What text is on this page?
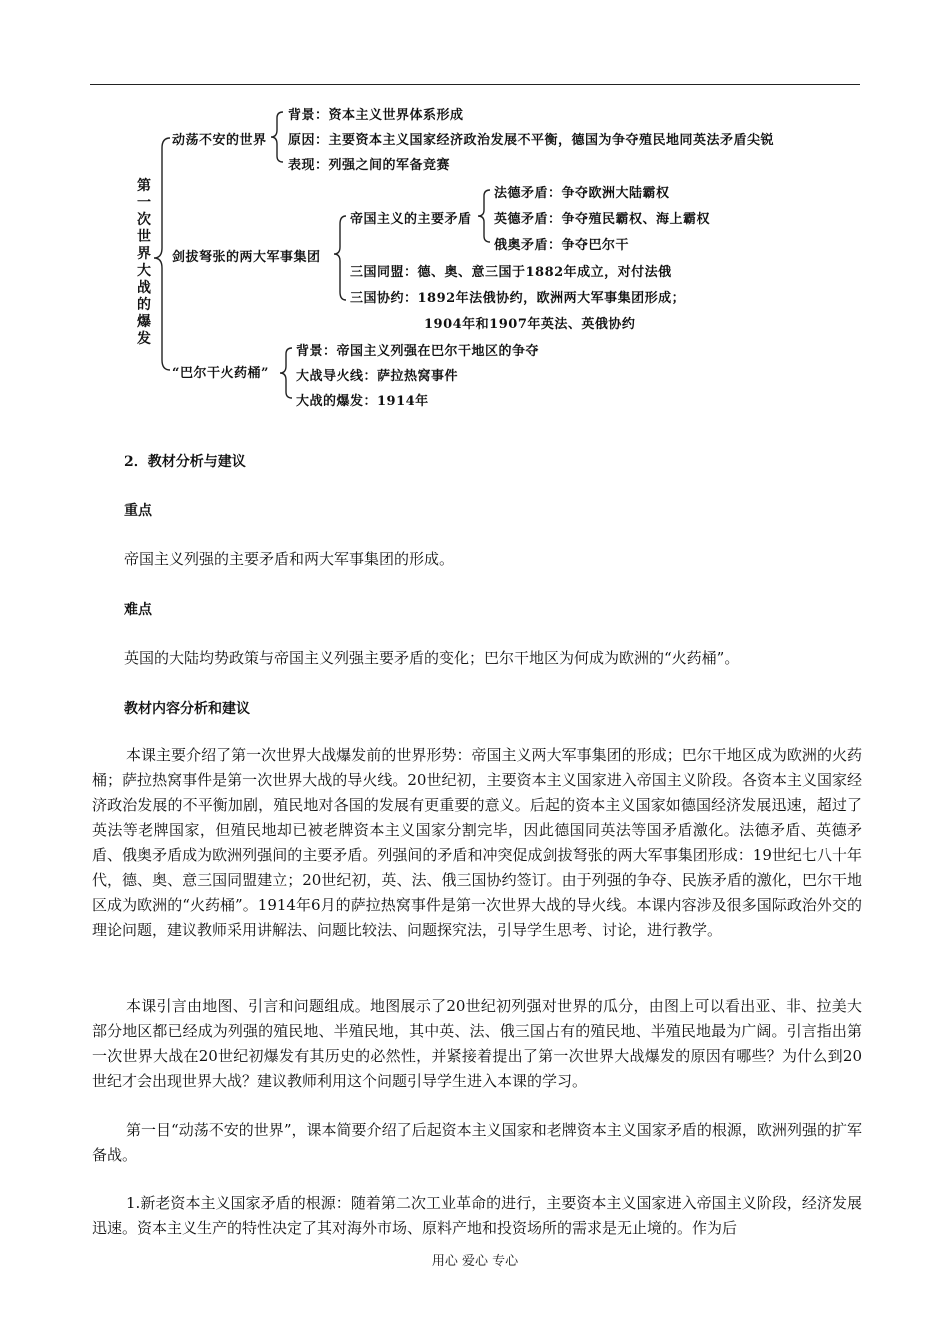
第一次世界大战的爆发
动荡不安的世界
背景：资本主义世界体系形成
原因：主要资本主义国家经济政治发展不平衡，德国为争夺殖民地同英法矛盾尖锐
表现：列强之间的军备竞赛
剑拔弩张的两大军事集团
帝国主义的主要矛盾
法德矛盾：争夺欧洲大陆霸权
英德矛盾：争夺殖民霸权、海上霸权
俄奥矛盾：争夺巴尔干
三国同盟：德、奥、意三国于1882年成立，对付法俄
三国协约：1892年法俄协约，欧洲两大军事集团形成；
1904年和1907年英法、英俄协约
“巴尔干火药桶”
背景：帝国主义列强在巴尔干地区的争夺
大战导火线：萨拉热窝事件
大战的爆发：1914年
2．教材分析与建议
重点
帝国主义列强的主要矛盾和两大军事集团的形成。
难点
英国的大陆均势政策与帝国主义列强主要矛盾的变化；巴尔干地区为何成为欧洲的“火药桶”。
教材内容分析和建议
本课主要介绍了第一次世界大战爆发前的世界形势：帝国主义两大军事集团的形成；巴尔干地区成为欧洲的火药桶；萨拉热窝事件是第一次世界大战的导火线。20世纪初，主要资本主义国家进入帝国主义阶段。各资本主义国家经济政治发展的不平衡加剧，殖民地对各国的发展有更重要的意义。后起的资本主义国家如德国经济发展迅速，超过了英法等老牌国家，但殖民地却已被老牌资本主义国家分割完毕，因此德国同英法等国矛盾激化。法德矛盾、英德矛盾、俄奥矛盾成为欧洲列强间的主要矛盾。列强间的矛盾和冲突促成剑拔弩张的两大军事集团形成：19世纪七八十年代，德、奥、意三国同盟建立；20世纪初，英、法、俄三国协约签订。由于列强的争夺、民族矛盾的激化，巴尔干地区成为欧洲的“火药桶”。1914年6月的萨拉热窝事件是第一次世界大战的导火线。本课内容涉及很多国际政治外交的理论问题，建议教师采用讲解法、问题比较法、问题探究法，引导学生思考、讨论，进行教学。
本课引言由地图、引言和问题组成。地图展示了20世纪初列强对世界的瓜分，由图上可以看出亚、非、拉美大部分地区都已经成为列强的殖民地、半殖民地，其中英、法、俄三国占有的殖民地、半殖民地最为广阔。引言指出第一次世界大战在20世纪初爆发有其历史的必然性，并紧接着提出了第一次世界大战爆发的原因有哪些？为什么到20世纪才会出现世界大战？建议教师利用这个问题引导学生进入本课的学习。
第一目“动荡不安的世界”，课本简要介绍了后起资本主义国家和老牌资本主义国家矛盾的根源，欧洲列强的扩军备战。
1.新老资本主义国家矛盾的根源：随着第二次工业革命的进行，主要资本主义国家进入帝国主义阶段，经济发展迅速。资本主义生产的特性决定了其对海外市场、原料产地和投资场所的需求是无止境的。作为后
用心 爱心 专心
